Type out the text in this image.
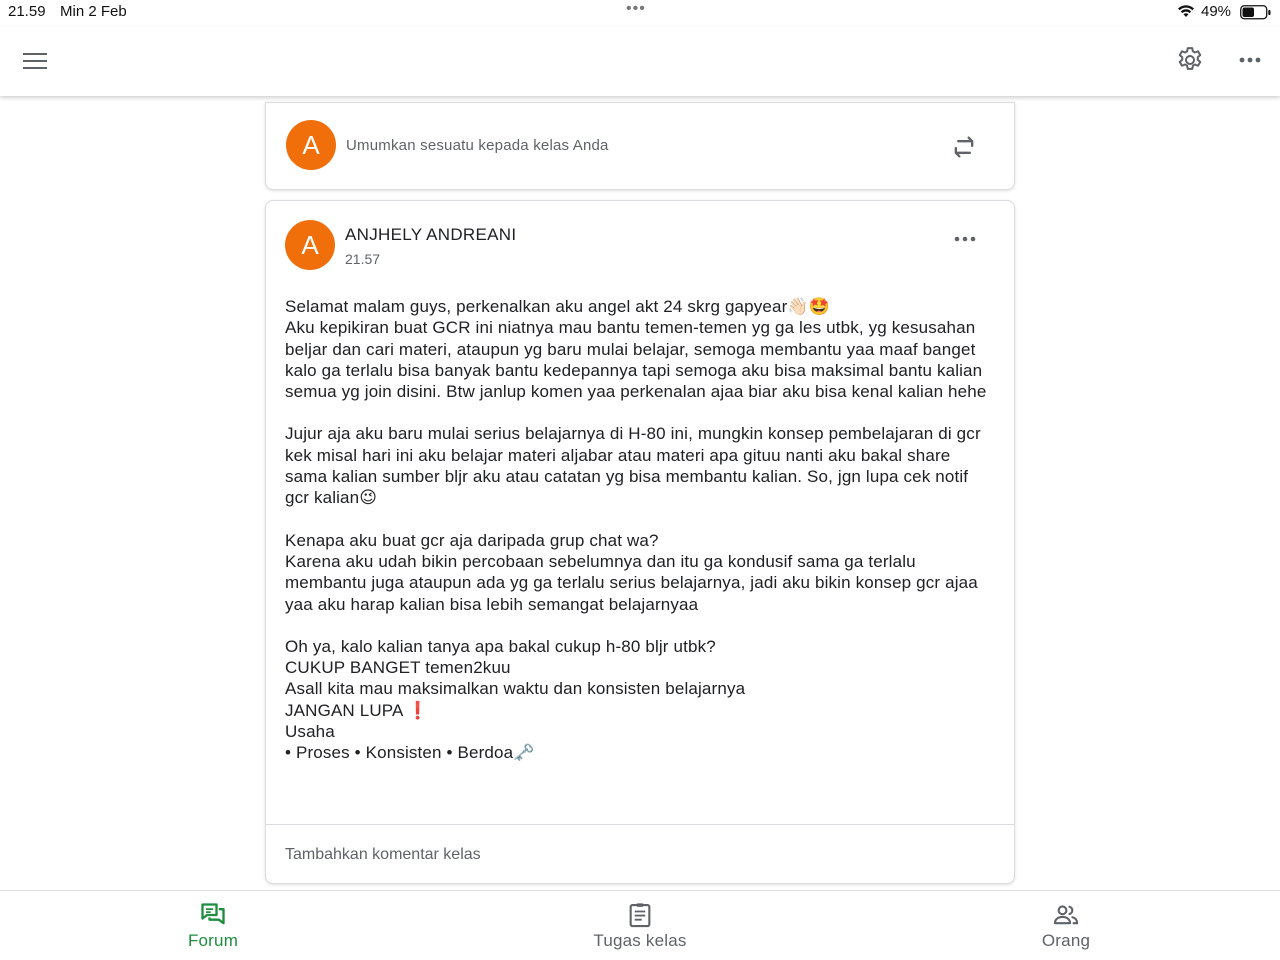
21.59 Min 2 Feb	•••	49%
A	Umumkan sesuatu kepada kelas Anda
A	ANJHELY ANDREANI
21.57

Selamat malam guys, perkenalkan aku angel akt 24 skrg gapyear👋🏻🤩

Aku kepikiran buat GCR ini niatnya mau bantu temen-temen yg ga les utbk, yg kesusahan beljar dan cari materi, ataupun yg baru mulai belajar, semoga membantu yaa maaf banget kalo ga terlalu bisa banyak bantu kedepannya tapi semoga aku bisa maksimal bantu kalian semua yg join disini. Btw janlup komen yaa perkenalan ajaa biar aku bisa kenal kalian hehe

Jujur aja aku baru mulai serius belajarnya di H-80 ini, mungkin konsep pembelajaran di gcr kek misal hari ini aku belajar materi aljabar atau materi apa gituu nanti aku bakal share sama kalian sumber bljr aku atau catatan yg bisa membantu kalian. So, jgn lupa cek notif gcr kalian😉

Kenapa aku buat gcr aja daripada grup chat wa?

Karena aku udah bikin percobaan sebelumnya dan itu ga kondusif sama ga terlalu membantu juga ataupun ada yg ga terlalu serius belajarnya, jadi aku bikin konsep gcr ajaa yaa aku harap kalian bisa lebih semangat belajarnyaa

Oh ya, kalo kalian tanya apa bakal cukup h-80 bljr utbk?

CUKUP BANGET temen2kuu

Asall kita mau maksimalkan waktu dan konsisten belajarnya

JANGAN LUPA ❗

Usaha

• Proses • Konsisten • Berdoa🗝️

Tambahkan komentar kelas
Forum	Tugas kelas	Orang
